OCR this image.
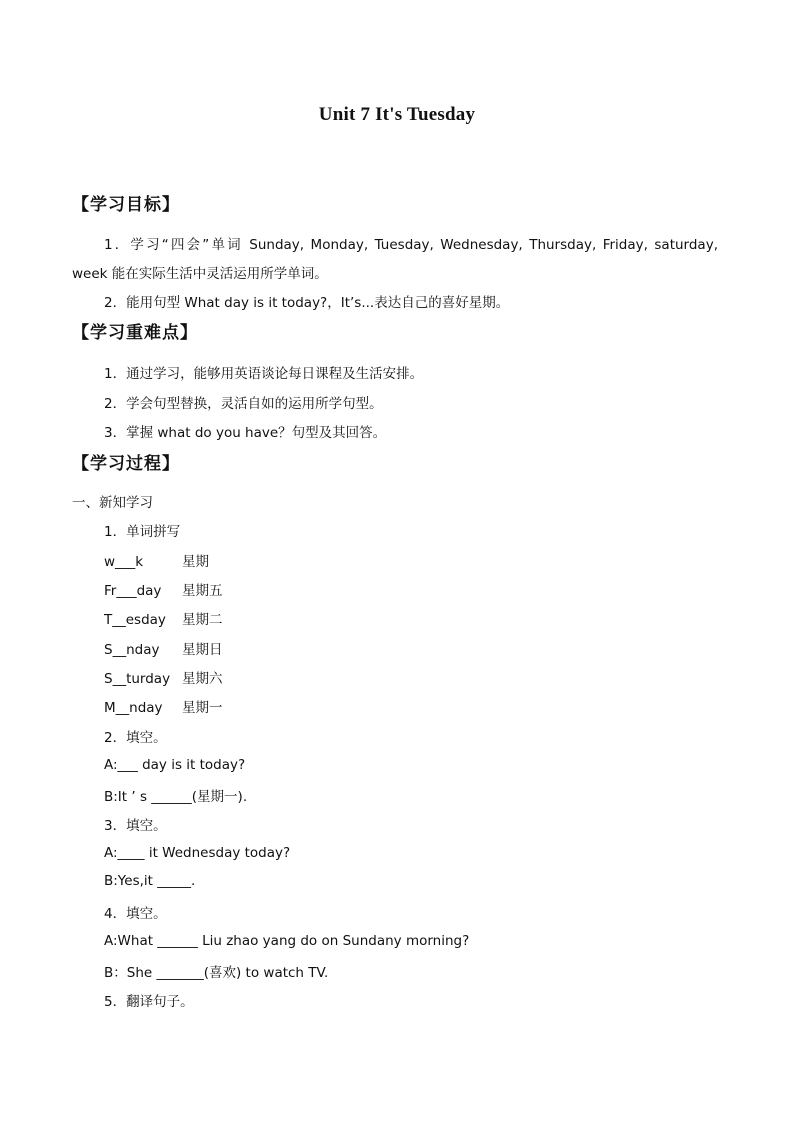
Unit 7 It's Tuesday
【学习目标】
1．学习“四会”单词 Sunday, Monday, Tuesday, Wednesday, Thursday, Friday, saturday,
week 能在实际生活中灵活运用所学单词。
2．能用句型 What day is it today?，It’s...表达自己的喜好星期。
【学习重难点】
1．通过学习，能够用英语谈论每日课程及生活安排。
2．学会句型替换，灵活自如的运用所学句型。
3．掌握 what do you have？句型及其回答。
【学习过程】
一、新知学习
1．单词拼写
w___k	星期
Fr___day 星期五
T__esday 星期二
S__nday 星期日
S__turday 星期六
M__nday 星期一
2．填空。
A:___ day is it today?
B:It ’ s ______(星期一).
3．填空。
A:____ it Wednesday today?
B:Yes,it _____.
4．填空。
A:What ______ Liu zhao yang do on Sundany morning?
B：She _______(喜欢) to watch TV.
5．翻译句子。
